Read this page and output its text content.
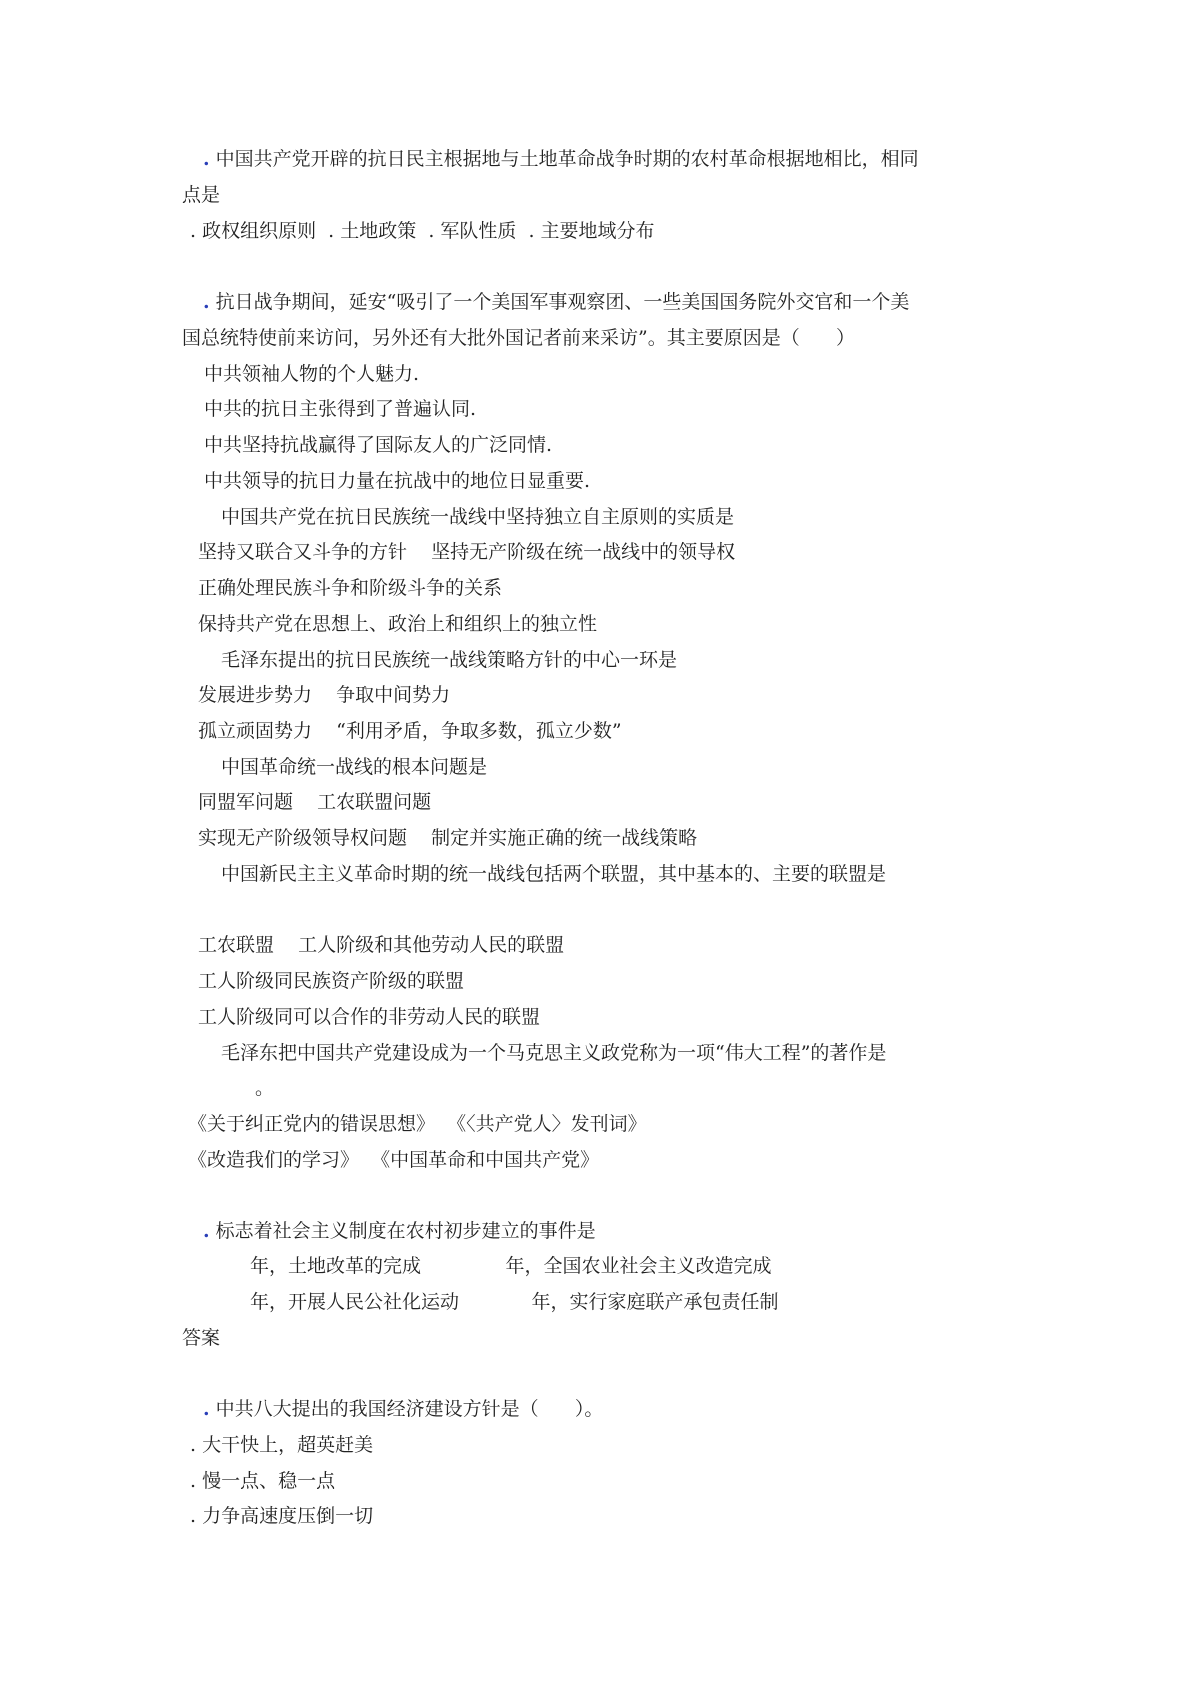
. 中国共产党开辟的抗日民主根据地与土地革命战争时期的农村革命根据地相比，相同
点是
. 政权组织原则  . 土地政策  . 军队性质  . 主要地域分布
. 抗日战争期间，延安“吸引了一个美国军事观察团、一些美国国务院外交官和一个美
国总统特使前来访问，另外还有大批外国记者前来采访”。其主要原因是（      ）
中共领袖人物的个人魅力.
中共的抗日主张得到了普遍认同.
中共坚持抗战赢得了国际友人的广泛同情.
中共领导的抗日力量在抗战中的地位日显重要.
中国共产党在抗日民族统一战线中坚持独立自主原则的实质是
坚持又联合又斗争的方针    坚持无产阶级在统一战线中的领导权
正确处理民族斗争和阶级斗争的关系
保持共产党在思想上、政治上和组织上的独立性
毛泽东提出的抗日民族统一战线策略方针的中心一环是
发展进步势力    争取中间势力
孤立顽固势力    “利用矛盾，争取多数，孤立少数”
中国革命统一战线的根本问题是
同盟军问题    工农联盟问题
实现无产阶级领导权问题    制定并实施正确的统一战线策略
中国新民主主义革命时期的统一战线包括两个联盟，其中基本的、主要的联盟是
工农联盟    工人阶级和其他劳动人民的联盟
工人阶级同民族资产阶级的联盟
工人阶级同可以合作的非劳动人民的联盟
毛泽东把中国共产党建设成为一个马克思主义政党称为一项“伟大工程”的著作是
。
《关于纠正党内的错误思想》  《〈共产党人〉发刊词》
《改造我们的学习》  《中国革命和中国共产党》
. 标志着社会主义制度在农村初步建立的事件是
年，土地改革的完成              年，全国农业社会主义改造完成
年，开展人民公社化运动            年，实行家庭联产承包责任制
答案
. 中共八大提出的我国经济建设方针是（      ）。
. 大干快上，超英赶美
. 慢一点、稳一点
. 力争高速度压倒一切
